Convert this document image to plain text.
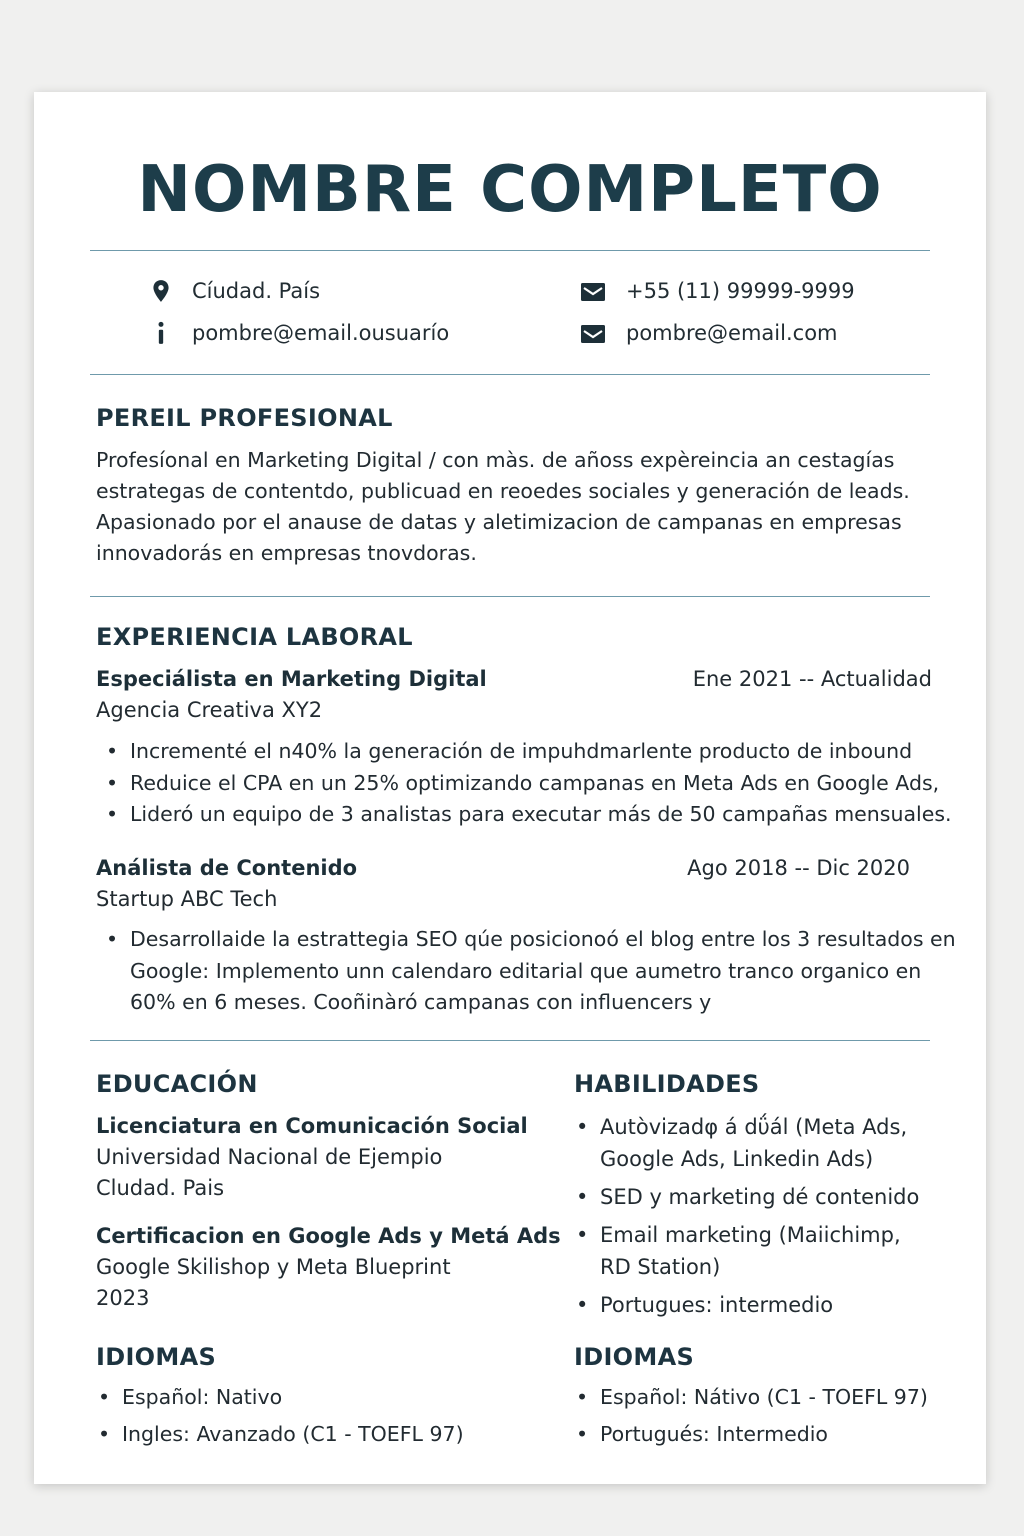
NOMBRE COMPLETO
Cíudad. País
pombre@email.ousuarío
+55 (11) 99999-9999
pombre@email.com
PEREIL PROFESIONAL
Profesíonal en Marketing Digital / con màs. de añoss expèreincia an cestagías
estrategas de contentdo, publicuad en reoedes sociales y generación de leads.
Apasionado por el anause de datas y aletimizacion de campanas en empresas
innovadorás en empresas tnovdoras.
EXPERIENCIA LABORAL
Especiálista en Marketing Digital	Ene 2021 -- Actualidad
Agencia Creativa XY2
• Incrementé el n40% la generación de impuhdmarlente producto de inbound
• Reduice el CPA en un 25% optimizando campanas en Meta Ads en Google Ads,
• Lideró un equipo de 3 analistas para executar más de 50 campañas mensuales.
Análista de Contenido	Ago 2018 -- Dic 2020
Startup ABC Tech
• Desarrollaide la estrattegia SEO qúe posicionoó el blog entre los 3 resultados en
Google: Implemento unn calendaro editarial que aumetro tranco organico en
60% en 6 meses. Cooñinàró campanas con influencers y
EDUCACIÓN
Licenciatura en Comunicación Social
Universidad Nacional de Ejempio
Cludad. Pais
Certificacion en Google Ads y Metá Ads
Google Skilishop y Meta Blueprint
2023
HABILIDADES
• Autòvizadφ á dΰál (Meta Ads,
Google Ads, Linkedin Ads)
• SED y marketing dé contenido
• Email marketing (Maiichimp,
RD Station)
• Portugues: intermedio
IDIOMAS
• Español: Nativo
• Ingles: Avanzado (C1 - TOEFL 97)
IDIOMAS
• Español: Nátivo (C1 - TOEFL 97)
• Portugués: Intermedio
